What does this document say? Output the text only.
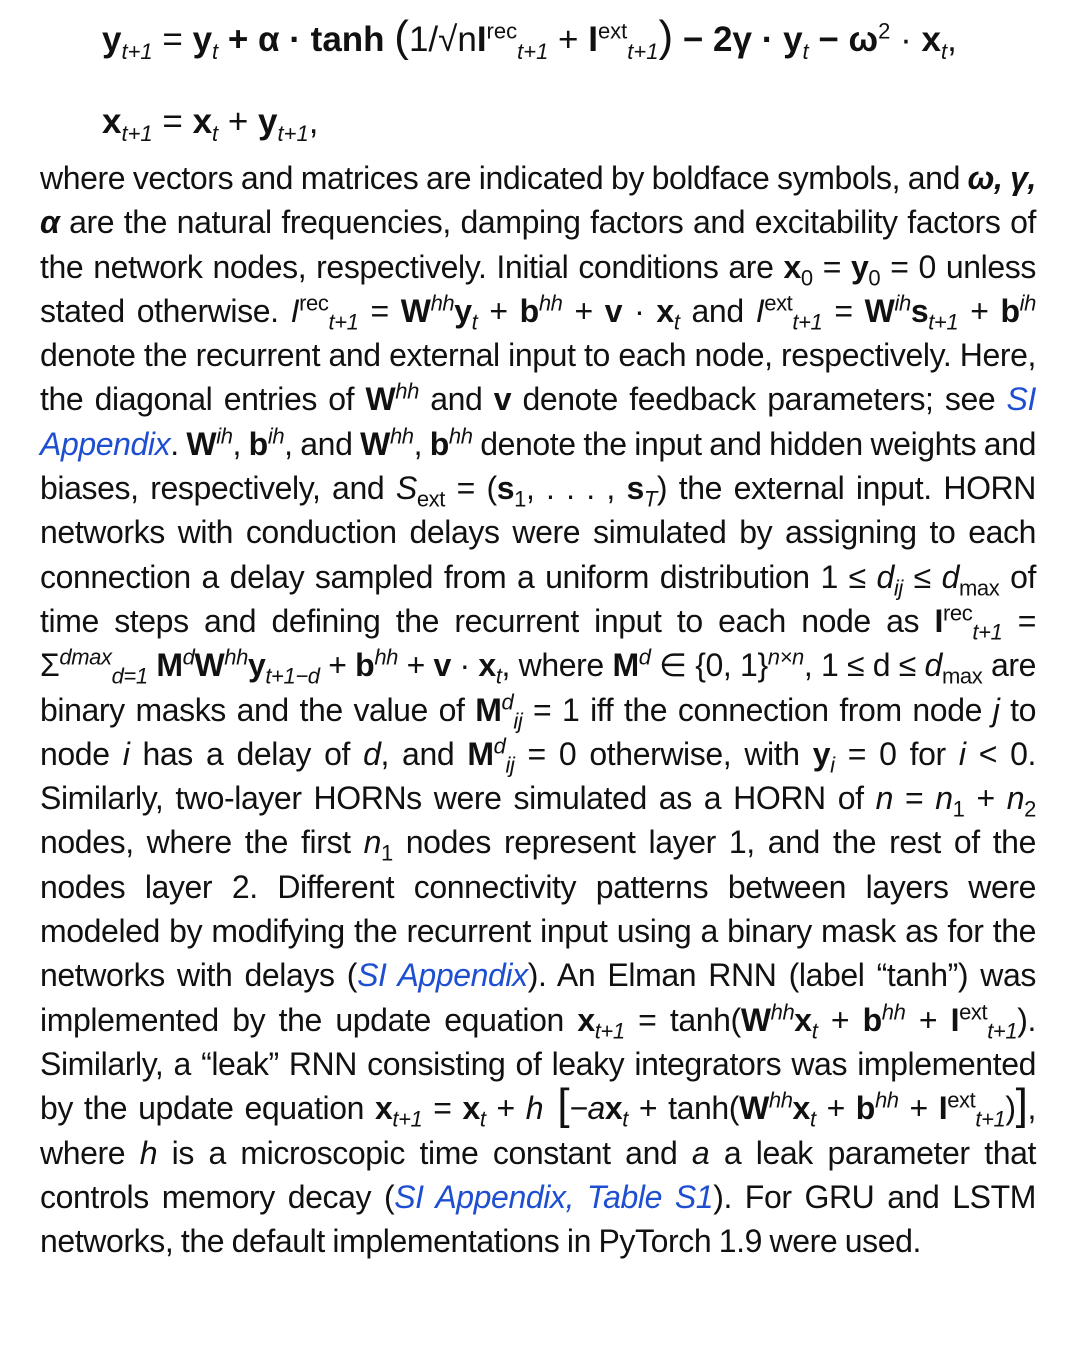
$y_{t+1} = y_t + \alpha \cdot \tanh (1/√nI^{rec}_{t+1} + I^{ext}_{t+1}) - 2\gamma \cdot y_t - \omega^2 \cdot x_t$,
$x_{t+1} = x_t + y_{t+1}$,
where vectors and matrices are indicated by boldface symbols, and ω, γ, α are the natural frequencies, damping factors and excitability factors of the network nodes, respectively. Initial conditions are $x_0 = y_0 = 0$ unless stated otherwise. $I^{rec}_{t+1} = W^{hh}y_t + b^{hh} + v \cdot x_t$ and $I^{ext}_{t+1} = W^{ih}s_{t+1} + b^{ih}$ denote the recurrent and external input to each node, respectively. Here, the diagonal entries of $W^{hh}$ and v denote feedback parameters; see SI Appendix. $W^{ih}$, $b^{ih}$, and $W^{hh}$, $b^{hh}$ denote the input and hidden weights and biases, respectively, and $S_{ext} = (s_1$, . . . , $s_T$) the external input. HORN networks with conduction delays were simulated by assigning to each connection a delay sampled from a uniform distribution $1 \le d_{ij} \le d_{max}$ of time steps and defining the recurrent input to each node as $I^{rec}_{t+1} = \Sigma^{dmax}_{d=1}$ $M^dW^{hh}y_{t+1-d} + b^{hh} + v \cdot x_t$, where $M^d$ ∈ {0, 1}$^{n\times n}$, $1 \le d \le d_{max}$ are binary masks and the value of $M^d_{ij} = 1$ iff the connection from node j to node i has a delay of d, and $M^d_{ij} = 0$ otherwise, with $y_i = 0$ for i < 0. Similarly, two-layer HORNs were simulated as a HORN of $n = n_1 + n_2$ nodes, where the first $n_1$ nodes represent layer 1, and the rest of the nodes layer 2. Different connectivity patterns between layers were modeled by modifying the recurrent input using a binary mask as for the networks with delays (SI Appendix). An Elman RNN (label “tanh”) was implemented by the update equation $x_{t+1} = \tanh(W^{hh}x_t + b^{hh} + I^{ext}_{t+1})$. Similarly, a “leak” RNN consisting of leaky integrators was implemented by the update equation $x_{t+1} = x_t + h$ $[-ax_t + \tanh(W^{hh}x_t + b^{hh} + I^{ext}_{t+1})]$, where h is a microscopic time constant and a a leak parameter that controls memory decay (SI Appendix, Table S1). For GRU and LSTM networks, the default implementations in PyTorch 1.9 were used.
